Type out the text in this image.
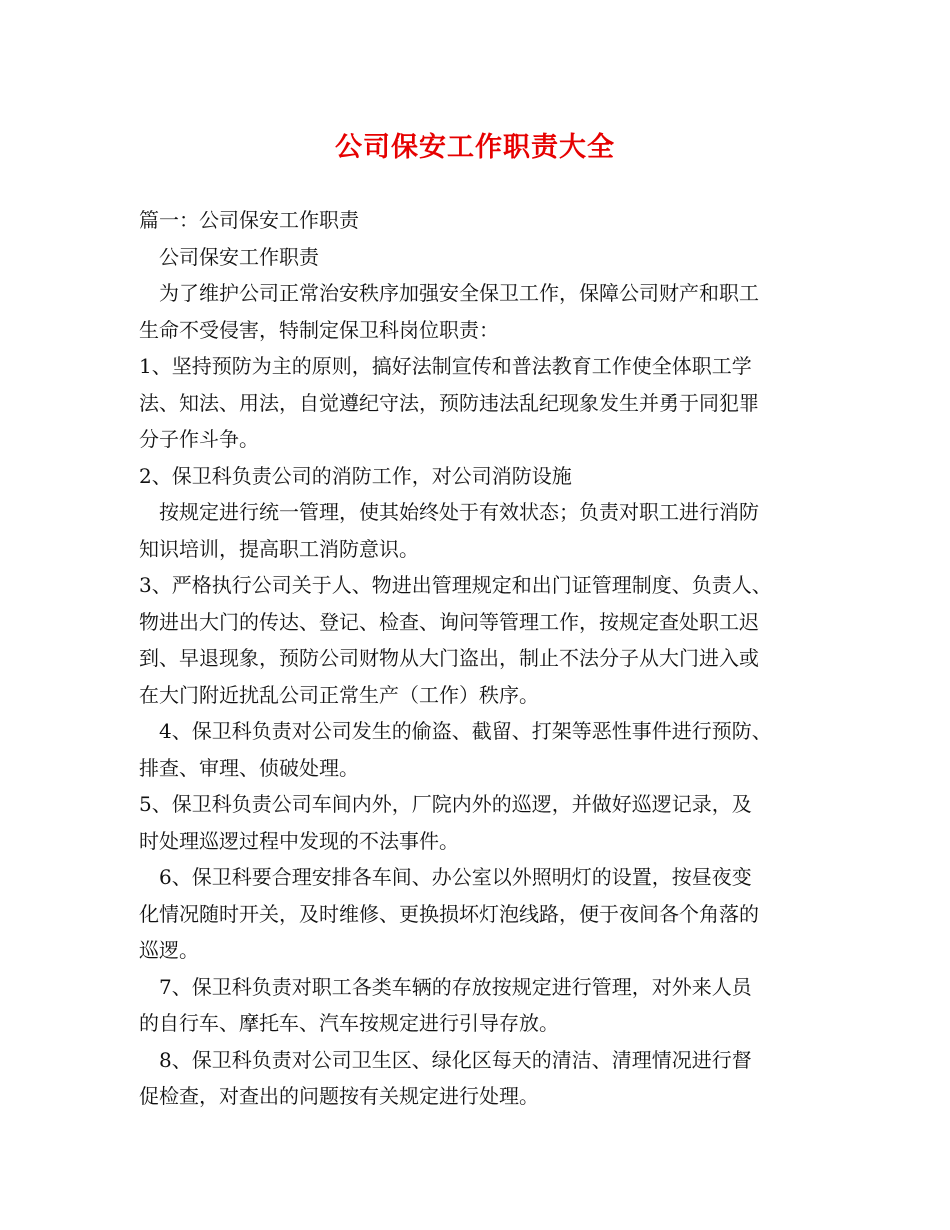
公司保安工作职责大全
篇一：公司保安工作职责
　公司保安工作职责
　为了维护公司正常治安秩序加强安全保卫工作，保障公司财产和职工
生命不受侵害，特制定保卫科岗位职责：
1、坚持预防为主的原则，搞好法制宣传和普法教育工作使全体职工学
法、知法、用法，自觉遵纪守法，预防违法乱纪现象发生并勇于同犯罪
分子作斗争。
2、保卫科负责公司的消防工作，对公司消防设施
　按规定进行统一管理，使其始终处于有效状态；负责对职工进行消防
知识培训，提高职工消防意识。
3、严格执行公司关于人、物进出管理规定和出门证管理制度、负责人、
物进出大门的传达、登记、检查、询问等管理工作，按规定查处职工迟
到、早退现象，预防公司财物从大门盗出，制止不法分子从大门进入或
在大门附近扰乱公司正常生产（工作）秩序。
　4、保卫科负责对公司发生的偷盗、截留、打架等恶性事件进行预防、
排查、审理、侦破处理。
5、保卫科负责公司车间内外，厂院内外的巡逻，并做好巡逻记录，及
时处理巡逻过程中发现的不法事件。
　6、保卫科要合理安排各车间、办公室以外照明灯的设置，按昼夜变
化情况随时开关，及时维修、更换损坏灯泡线路，便于夜间各个角落的
巡逻。
　7、保卫科负责对职工各类车辆的存放按规定进行管理，对外来人员
的自行车、摩托车、汽车按规定进行引导存放。
　8、保卫科负责对公司卫生区、绿化区每天的清洁、清理情况进行督
促检查，对查出的问题按有关规定进行处理。
